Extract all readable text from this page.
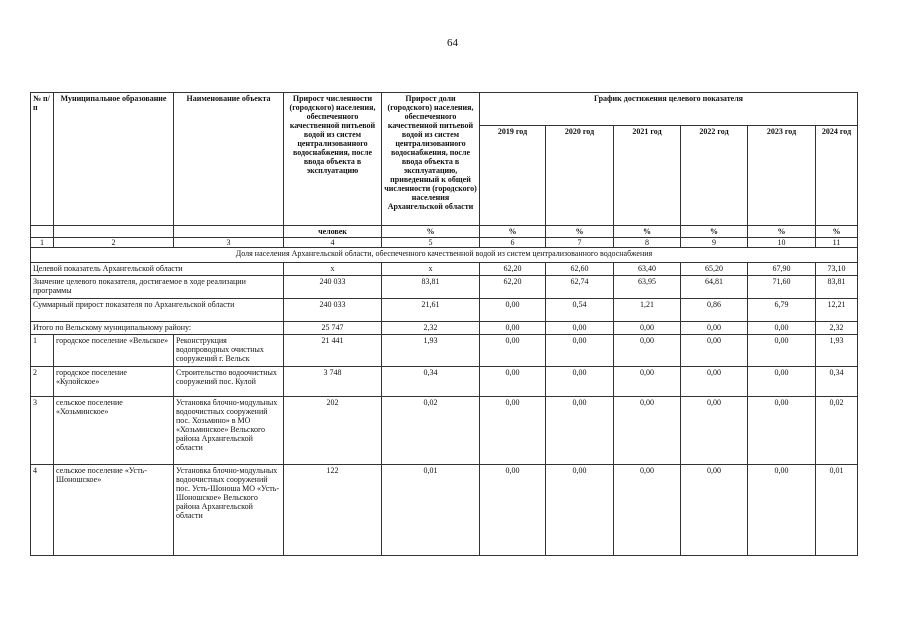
64
№ п/п	Муниципальное образование	Наименование объекта	Прирост численности (городского) населения, обеспеченного качественной питьевой водой из систем централизованного водоснабжения, после ввода объекта в эксплуатацию	Прирост доли (городского) населения, обеспеченного качественной питьевой водой из систем централизованного водоснабжения, после ввода объекта в эксплуатацию, приведенный к общей численности (городского) населения Архангельской области	График достижения целевого показателя					
					2019 год	2020 год	2021 год	2022 год	2023 год	2024 год
			человек	%	%	%	%	%	%	%
1	2	3	4	5	6	7	8	9	10	11
Доля населения Архангельской области, обеспеченного качественной водой из систем централизованного водоснабжения										
Целевой показатель Архангельской области			x	x	62,20	62,60	63,40	65,20	67,90	73,10
Значение целевого показателя, достигаемое в ходе реализации программы			240 033	83,81	62,20	62,74	63,95	64,81	71,60	83,81
Суммарный прирост показателя по Архангельской области			240 033	21,61	0,00	0,54	1,21	0,86	6,79	12,21
Итого по Вельскому муниципальному району:			25 747	2,32	0,00	0,00	0,00	0,00	0,00	2,32
1	городское поселение «Вельское»	Реконструкция водопроводных очистных сооружений г. Вельск	21 441	1,93	0,00	0,00	0,00	0,00	0,00	1,93
2	городское поселение «Кулойское»	Строительство водоочистных сооружений пос. Кулой	3 748	0,34	0,00	0,00	0,00	0,00	0,00	0,34
3	сельское поселение «Хозьминское»	Установка блочно-модульных водоочистных сооружений пос. Хозьмино» в МО «Хозьминское» Вельского района Архангельской области	202	0,02	0,00	0,00	0,00	0,00	0,00	0,02
4	сельское поселение «Усть-Шоношское»	Установка блочно-модульных водоочистных сооружений пос. Усть-Шоноша МО «Усть-Шоношское» Вельского района Архангельской области	122	0,01	0,00	0,00	0,00	0,00	0,00	0,01
